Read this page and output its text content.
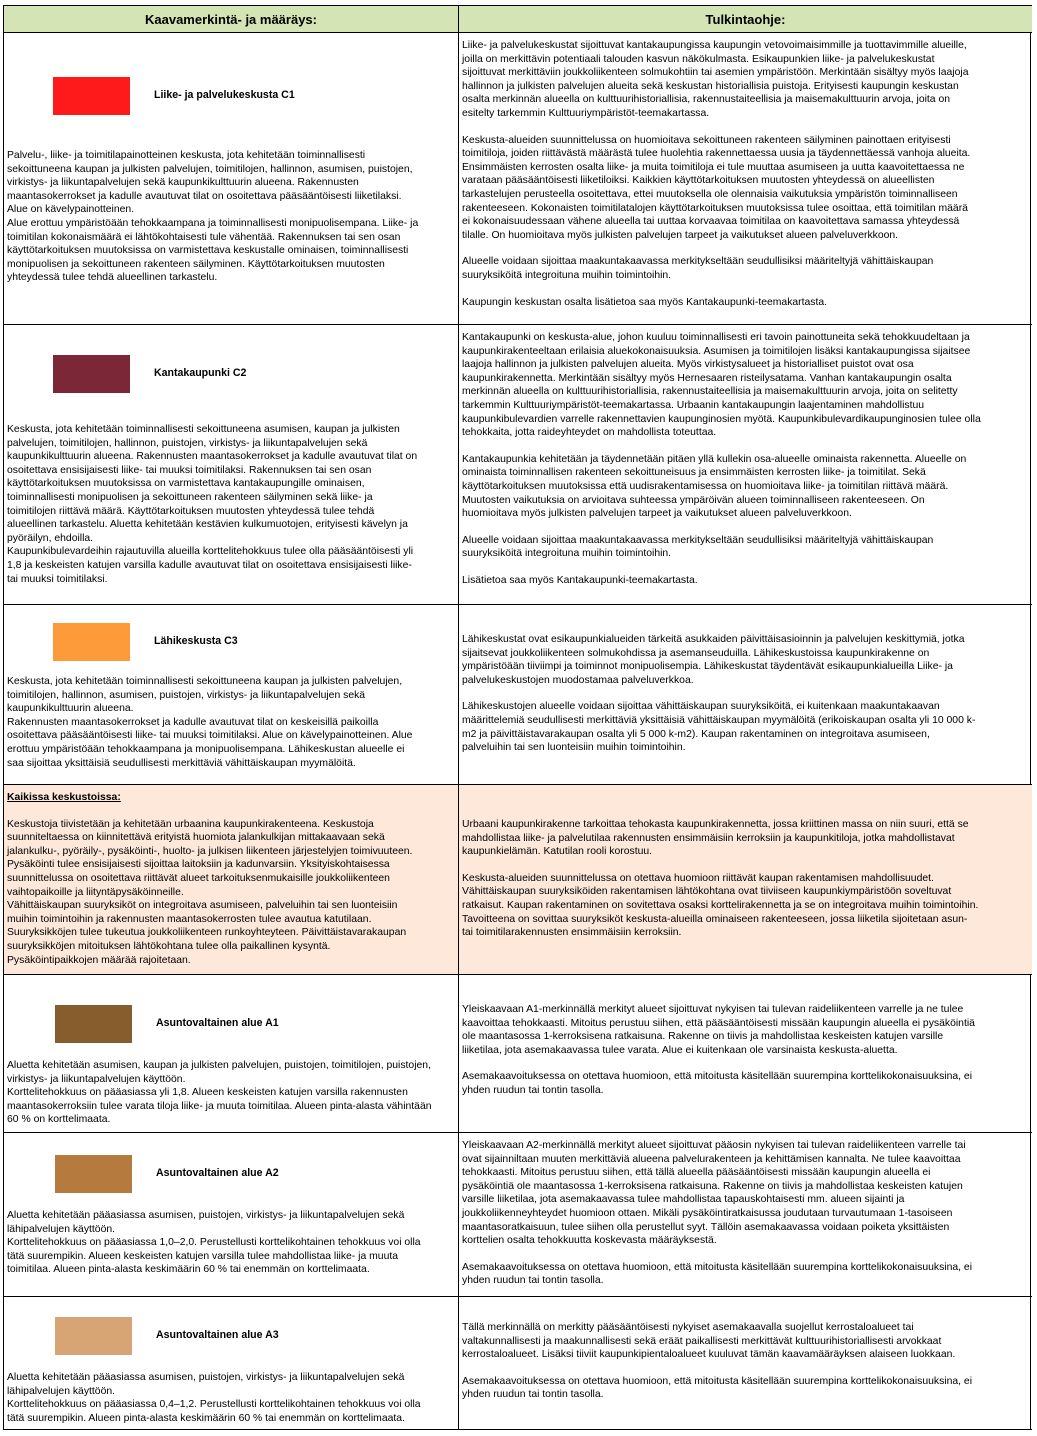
Kaavamerkintä- ja määräys:	Tulkintaohje:
Liike- ja palvelukeskusta C1

Palvelu-, liike- ja toimitilapainotteinen keskusta, jota kehitetään toiminnallisesti
sekoittuneena kaupan ja julkisten palvelujen, toimitilojen, hallinnon, asumisen, puistojen,
virkistys- ja liikuntapalvelujen sekä kaupunkikulttuurin alueena. Rakennusten
maantasokerrokset ja kadulle avautuvat tilat on osoitettava pääsääntöisesti liiketilaksi.
Alue on kävelypainotteinen.
Alue erottuu ympäristöään tehokkaampana ja toiminnallisesti monipuolisempana. Liike- ja
toimitilan kokonaismäärä ei lähtökohtaisesti tule vähentää. Rakennuksen tai sen osan
käyttötarkoituksen muutoksissa on varmistettava keskustalle ominaisen, toiminnallisesti
monipuolisen ja sekoittuneen rakenteen säilyminen. Käyttötarkoituksen muutosten
yhteydessä tulee tehdä alueellinen tarkastelu.

Liike- ja palvelukeskustat sijoittuvat kantakaupungissa kaupungin vetovoimaisimmille ja tuottavimmille alueille,
joilla on merkittävin potentiaali talouden kasvun näkökulmasta. Esikaupunkien liike- ja palvelukeskustat
sijoittuvat merkittäviin joukkoliikenteen solmukohtiin tai asemien ympäristöön. Merkintään sisältyy myös laajoja
hallinnon ja julkisten palvelujen alueita sekä keskustan historiallisia puistoja. Erityisesti kaupungin keskustan
osalta merkinnän alueella on kulttuurihistoriallisia, rakennustaiteellisia ja maisemakulttuurin arvoja, joita on
esitelty tarkemmin Kulttuuriympäristöt-teemakartassa.

Keskusta-alueiden suunnittelussa on huomioitava sekoittuneen rakenteen säilyminen painottaen erityisesti
toimitiloja, joiden riittävästä määrästä tulee huolehtia rakennettaessa uusia ja täydennettäessä vanhoja alueita.
Ensimmäisten kerrosten osalta liike- ja muita toimitiloja ei tule muuttaa asumiseen ja uutta kaavoitettaessa ne
varataan pääsääntöisesti liiketiloiksi. Kaikkien käyttötarkoituksen muutosten yhteydessä on alueellisten
tarkastelujen perusteella osoitettava, ettei muutoksella ole olennaisia vaikutuksia ympäristön toiminnalliseen
rakenteeseen. Kokonaisten toimitilatalojen käyttötarkoituksen muutoksissa tulee osoittaa, että toimitilan määrä
ei kokonaisuudessaan vähene alueella tai uuttaa korvaavaa toimitilaa on kaavoitettava samassa yhteydessä
tilalle. On huomioitava myös julkisten palvelujen tarpeet ja vaikutukset alueen palveluverkkoon.

Alueelle voidaan sijoittaa maakuntakaavassa merkitykseltään seudullisiksi määriteltyjä vähittäiskaupan
suuryksiköitä integroituna muihin toimintoihin.

Kaupungin keskustan osalta lisätietoa saa myös Kantakaupunki-teemakartasta.

Kantakaupunki C2

Keskusta, jota kehitetään toiminnallisesti sekoittuneena asumisen, kaupan ja julkisten
palvelujen, toimitilojen, hallinnon, puistojen, virkistys- ja liikuntapalvelujen sekä
kaupunkikulttuurin alueena. Rakennusten maantasokerrokset ja kadulle avautuvat tilat on
osoitettava ensisijaisesti liike- tai muuksi toimitilaksi. Rakennuksen tai sen osan
käyttötarkoituksen muutoksissa on varmistettava kantakaupungille ominaisen,
toiminnallisesti monipuolisen ja sekoittuneen rakenteen säilyminen sekä liike- ja
toimitilojen riittävä määrä. Käyttötarkoituksen muutosten yhteydessä tulee tehdä
alueellinen tarkastelu. Aluetta kehitetään kestävien kulkumuotojen, erityisesti kävelyn ja
pyöräilyn, ehdoilla.
Kaupunkibulevardeihin rajautuvilla alueilla korttelitehokkuus tulee olla pääsääntöisesti yli
1,8 ja keskeisten katujen varsilla kadulle avautuvat tilat on osoitettava ensisijaisesti liike-
tai muuksi toimitilaksi.

Kantakaupunki on keskusta-alue, johon kuuluu toiminnallisesti eri tavoin painottuneita sekä tehokkuudeltaan ja
kaupunkirakenteeltaan erilaisia aluekokonaisuuksia. Asumisen ja toimitilojen lisäksi kantakaupungissa sijaitsee
laajoja hallinnon ja julkisten palvelujen alueita. Myös virkistysalueet ja historialliset puistot ovat osa
kaupunkirakennetta. Merkintään sisältyy myös Hernesaaren risteilysatama. Vanhan kantakaupungin osalta
merkinnän alueella on kulttuurihistoriallisia, rakennustaiteellisia ja maisemakulttuurin arvoja, joita on selitetty
tarkemmin Kulttuuriympäristöt-teemakartassa. Urbaanin kantakaupungin laajentaminen mahdollistuu
kaupunkibulevardien varrelle rakennettavien kaupunginosien myötä. Kaupunkibulevardikaupunginosien tulee olla
tehokkaita, jotta raideyhteydet on mahdollista toteuttaa.

Kantakaupunkia kehitetään ja täydennetään pitäen yllä kullekin osa-alueelle ominaista rakennetta. Alueelle on
ominaista toiminnallisen rakenteen sekoittuneisuus ja ensimmäisten kerrosten liike- ja toimitilat. Sekä
käyttötarkoituksen muutoksissa että uudisrakentamisessa on huomioitava liike- ja toimitilan riittävä määrä.
Muutosten vaikutuksia on arvioitava suhteessa ympäröivän alueen toiminnalliseen rakenteeseen. On
huomioitava myös julkisten palvelujen tarpeet ja vaikutukset alueen palveluverkkoon.

Alueelle voidaan sijoittaa maakuntakaavassa merkitykseltään seudullisiksi määriteltyjä vähittäiskaupan
suuryksiköitä integroituna muihin toimintoihin.

Lisätietoa saa myös Kantakaupunki-teemakartasta.

Lähikeskusta C3

Keskusta, jota kehitetään toiminnallisesti sekoittuneena kaupan ja julkisten palvelujen,
toimitilojen, hallinnon, asumisen, puistojen, virkistys- ja liikuntapalvelujen sekä
kaupunkikulttuurin alueena.
Rakennusten maantasokerrokset ja kadulle avautuvat tilat on keskeisillä paikoilla
osoitettava pääsääntöisesti liike- tai muuksi toimitilaksi. Alue on kävelypainotteinen. Alue
erottuu ympäristöään tehokkaampana ja monipuolisempana. Lähikeskustan alueelle ei
saa sijoittaa yksittäisiä seudullisesti merkittäviä vähittäiskaupan myymälöitä.

Lähikeskustat ovat esikaupunkialueiden tärkeitä asukkaiden päivittäisasioinnin ja palvelujen keskittymiä, jotka
sijaitsevat joukkoliikenteen solmukohdissa ja asemanseuduilla. Lähikeskustoissa kaupunkirakenne on
ympäristöään tiiviimpi ja toiminnot monipuolisempia. Lähikeskustat täydentävät esikaupunkialueilla Liike- ja
palvelukeskustojen muodostamaa palveluverkkoa.

Lähikeskustojen alueelle voidaan sijoittaa vähittäiskaupan suuryksiköitä, ei kuitenkaan maakuntakaavan
määrittelemiä seudullisesti merkittäviä yksittäisiä vähittäiskaupan myymälöitä (erikoiskaupan osalta yli 10 000 k-
m2 ja päivittäistavarakaupan osalta yli 5 000 k-m2). Kaupan rakentaminen on integroitava asumiseen,
palveluihin tai sen luonteisiin muihin toimintoihin.

Kaikissa keskustoissa:

Keskustoja tiivistetään ja kehitetään urbaanina kaupunkirakenteena. Keskustoja
suunniteltaessa on kiinnitettävä erityistä huomiota jalankulkijan mittakaavaan sekä
jalankulku-, pyöräily-, pysäköinti-, huolto- ja julkisen liikenteen järjestelyjen toimivuuteen.
Pysäköinti tulee ensisijaisesti sijoittaa laitoksiin ja kadunvarsiin. Yksityiskohtaisessa
suunnittelussa on osoitettava riittävät alueet tarkoituksenmukaisille joukkoliikenteen
vaihtopaikoille ja liityntäpysäköinneille.
Vähittäiskaupan suuryksiköt on integroitava asumiseen, palveluihin tai sen luonteisiin
muihin toimintoihin ja rakennusten maantasokerrosten tulee avautua katutilaan.
Suuryksikköjen tulee tukeutua joukkoliikenteen runkoyhteyteen. Päivittäistavarakaupan
suuryksikköjen mitoituksen lähtökohtana tulee olla paikallinen kysyntä.
Pysäköintipaikkojen määrää rajoitetaan.

Urbaani kaupunkirakenne tarkoittaa tehokasta kaupunkirakennetta, jossa kriittinen massa on niin suuri, että se
mahdollistaa liike- ja palvelutilaa rakennusten ensimmäisiin kerroksiin ja kaupunkitiloja, jotka mahdollistavat
kaupunkielämän. Katutilan rooli korostuu.

Keskusta-alueiden suunnittelussa on otettava huomioon riittävät kaupan rakentamisen mahdollisuudet.
Vähittäiskaupan suuryksiköiden rakentamisen lähtökohtana ovat tiiviiseen kaupunkiympäristöön soveltuvat
ratkaisut. Kaupan rakentaminen on sovitettava osaksi korttelirakennetta ja se on integroitava muihin toimintoihin.
Tavoitteena on sovittaa suuryksiköt keskusta-alueilla ominaiseen rakenteeseen, jossa liiketila sijoitetaan asun-
tai toimitilarakennusten ensimmäisiin kerroksiin.

Asuntovaltainen alue A1

Aluetta kehitetään asumisen, kaupan ja julkisten palvelujen, puistojen, toimitilojen, puistojen,
virkistys- ja liikuntapalvelujen käyttöön.
Korttelitehokkuus on pääasiassa yli 1,8. Alueen keskeisten katujen varsilla rakennusten
maantasokerroksiin tulee varata tiloja liike- ja muuta toimitilaa. Alueen pinta-alasta vähintään
60 % on korttelimaata.

Yleiskaavaan A1-merkinnällä merkityt alueet sijoittuvat nykyisen tai tulevan raideliikenteen varrelle ja ne tulee
kaavoittaa tehokkaasti. Mitoitus perustuu siihen, että pääsääntöisesti missään kaupungin alueella ei pysäköintiä
ole maantasossa 1-kerroksisena ratkaisuna. Rakenne on tiivis ja mahdollistaa keskeisten katujen varsille
liiketilaa, jota asemakaavassa tulee varata. Alue ei kuitenkaan ole varsinaista keskusta-aluetta.

Asemakaavoituksessa on otettava huomioon, että mitoitusta käsitellään suurempina korttelikokonaisuuksina, ei
yhden ruudun tai tontin tasolla.

Asuntovaltainen alue A2

Aluetta kehitetään pääasiassa asumisen, puistojen, virkistys- ja liikuntapalvelujen sekä
lähipalvelujen käyttöön.
Korttelitehokkuus on pääasiassa 1,0–2,0. Perustellusti korttelikohtainen tehokkuus voi olla
tätä suurempikin. Alueen keskeisten katujen varsilla tulee mahdollistaa liike- ja muuta
toimitilaa. Alueen pinta-alasta keskimäärin 60 % tai enemmän on korttelimaata.

Yleiskaavaan A2-merkinnällä merkityt alueet sijoittuvat pääosin nykyisen tai tulevan raideliikenteen varrelle tai
ovat sijainniltaan muuten merkittäviä alueena palvelurakenteen ja kehittämisen kannalta. Ne tulee kaavoittaa
tehokkaasti. Mitoitus perustuu siihen, että tällä alueella pääsääntöisesti missään kaupungin alueella ei
pysäköintiä ole maantasossa 1-kerroksisena ratkaisuna. Rakenne on tiivis ja mahdollistaa keskeisten katujen
varsille liiketilaa, jota asemakaavassa tulee mahdollistaa tapauskohtaisesti mm. alueen sijainti ja
joukkoliikenneyhteydet huomioon ottaen. Mikäli pysäköintiratkaisussa joudutaan turvautumaan 1-tasoiseen
maantasoratkaisuun, tulee siihen olla perustellut syyt. Tällöin asemakaavassa voidaan poiketa yksittäisten
korttelien osalta tehokkuutta koskevasta määräyksestä.

Asemakaavoituksessa on otettava huomioon, että mitoitusta käsitellään suurempina korttelikokonaisuuksina, ei
yhden ruudun tai tontin tasolla.

Asuntovaltainen alue A3

Aluetta kehitetään pääasiassa asumisen, puistojen, virkistys- ja liikuntapalvelujen sekä
lähipalvelujen käyttöön.
Korttelitehokkuus on pääasiassa 0,4–1,2. Perustellusti korttelikohtainen tehokkuus voi olla
tätä suurempikin. Alueen pinta-alasta keskimäärin 60 % tai enemmän on korttelimaata.

Tällä merkinnällä on merkitty pääsääntöisesti nykyiset asemakaavalla suojellut kerrostaloalueet tai
valtakunnallisesti ja maakunnallisesti sekä eräät paikallisesti merkittävät kulttuurihistoriallisesti arvokkaat
kerrostaloalueet. Lisäksi tiiviit kaupunkipientaloalueet kuuluvat tämän kaavamääräyksen alaiseen luokkaan.

Asemakaavoituksessa on otettava huomioon, että mitoitusta käsitellään suurempina korttelikokonaisuuksina, ei
yhden ruudun tai tontin tasolla.
